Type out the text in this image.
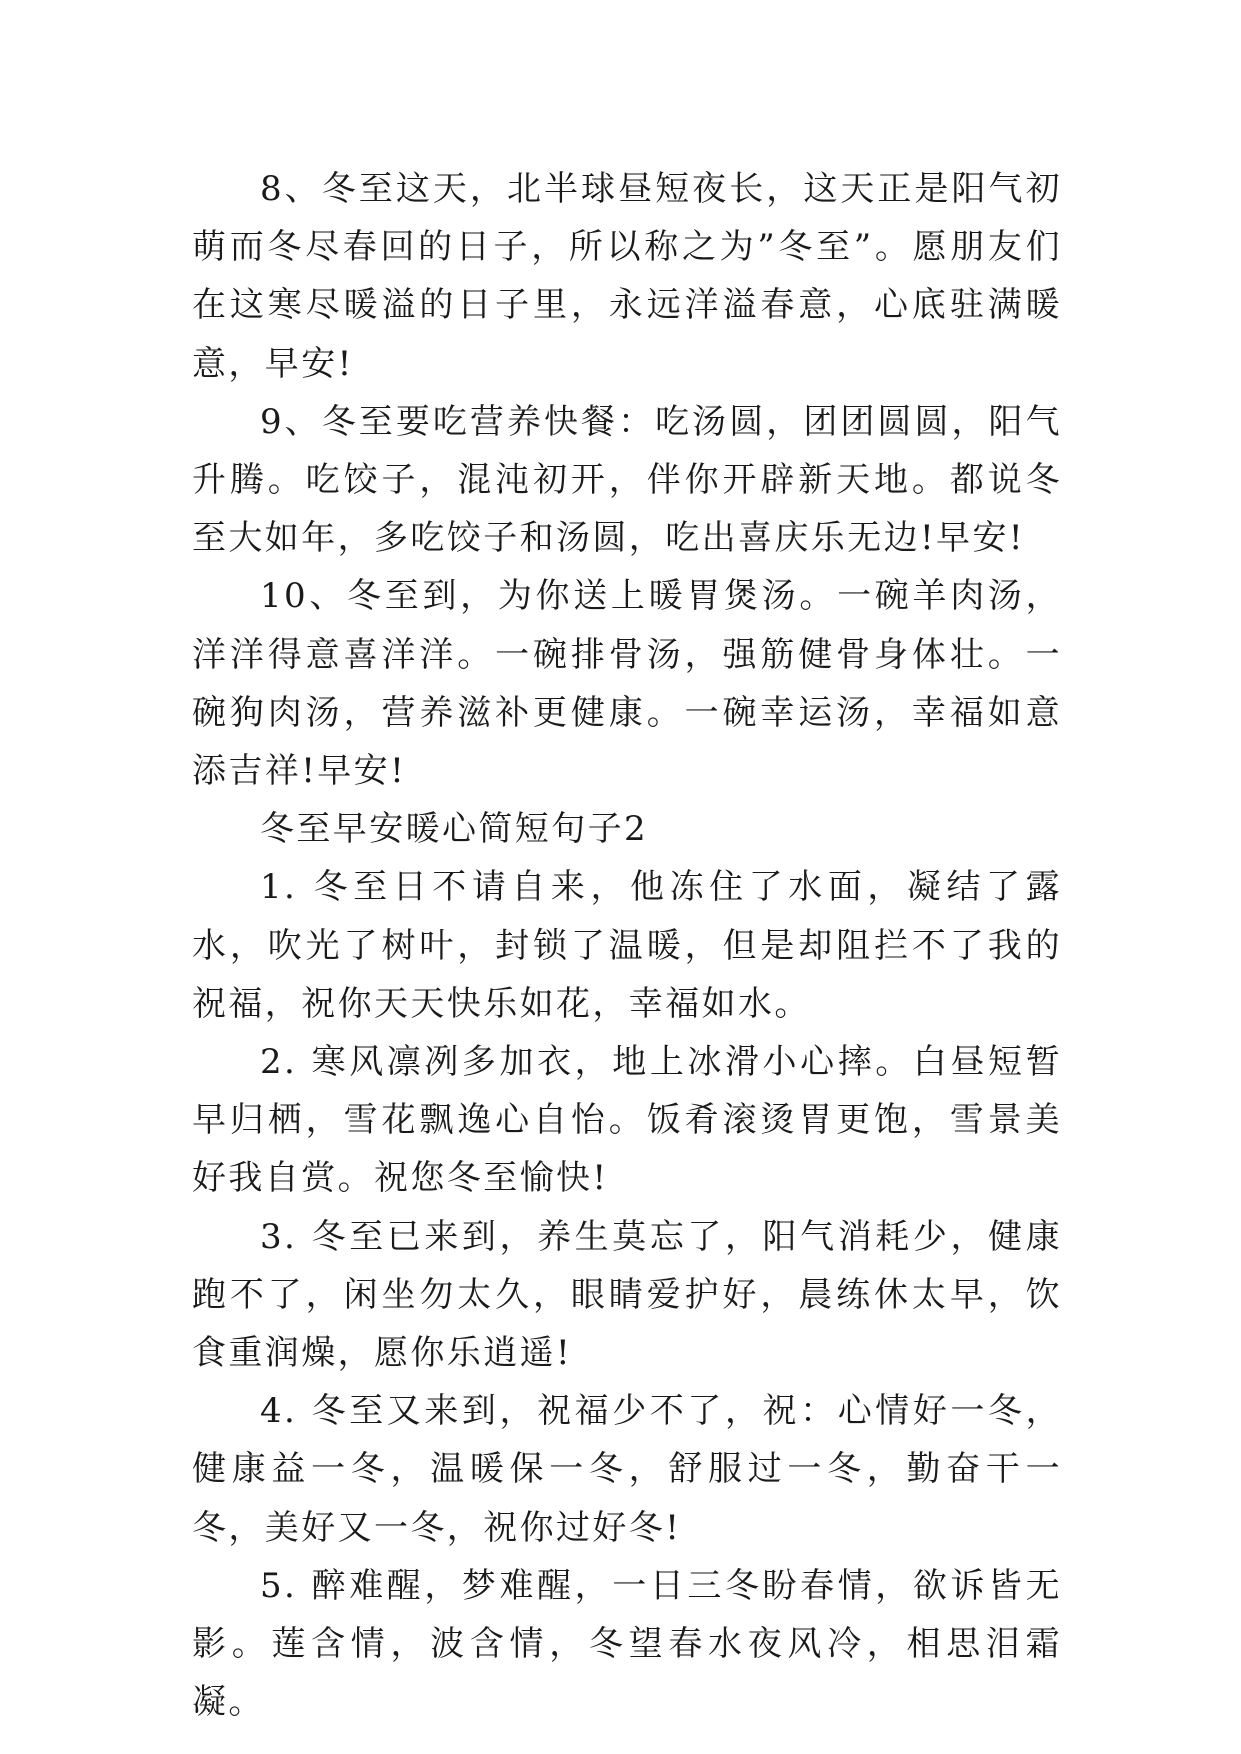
8、冬至这天，北半球昼短夜长，这天正是阳气初萌而冬尽春回的日子，所以称之为”冬至”。愿朋友们在这寒尽暖溢的日子里，永远洋溢春意，心底驻满暖意，早安!

9、冬至要吃营养快餐：吃汤圆，团团圆圆，阳气升腾。吃饺子，混沌初开，伴你开辟新天地。都说冬至大如年，多吃饺子和汤圆，吃出喜庆乐无边!早安!

10、冬至到，为你送上暖胃煲汤。一碗羊肉汤，洋洋得意喜洋洋。一碗排骨汤，强筋健骨身体壮。一碗狗肉汤，营养滋补更健康。一碗幸运汤，幸福如意添吉祥!早安!

冬至早安暖心简短句子2

1. 冬至日不请自来，他冻住了水面，凝结了露水，吹光了树叶，封锁了温暖，但是却阻拦不了我的祝福，祝你天天快乐如花，幸福如水。

2. 寒风凛冽多加衣，地上冰滑小心摔。白昼短暂早归栖，雪花飘逸心自怡。饭肴滚烫胃更饱，雪景美好我自赏。祝您冬至愉快!

3. 冬至已来到，养生莫忘了，阳气消耗少，健康跑不了，闲坐勿太久，眼睛爱护好，晨练休太早，饮食重润燥，愿你乐逍遥!

4. 冬至又来到，祝福少不了，祝：心情好一冬，健康益一冬，温暖保一冬，舒服过一冬，勤奋干一冬，美好又一冬，祝你过好冬!

5. 醉难醒，梦难醒，一日三冬盼春情，欲诉皆无影。莲含情，波含情，冬望春水夜风冷，相思泪霜凝。
